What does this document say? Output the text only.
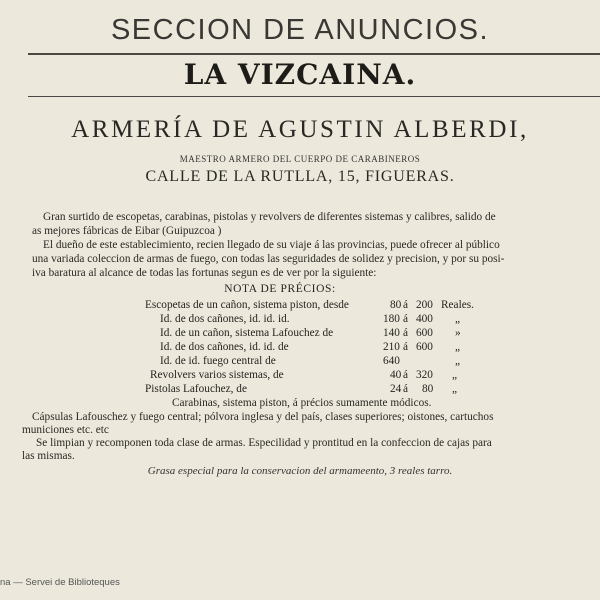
SECCION DE ANUNCIOS.
LA VIZCAINA.
ARMERÍA DE AGUSTIN ALBERDI,
MAESTRO ARMERO DEL CUERPO DE CARABINEROS
CALLE DE LA RUTLLA, 15, FIGUERAS.
Gran surtido de escopetas, carabinas, pistolas y revolvers de diferentes sistemas y calibres, salido de
as mejores fábricas de Eibar (Guipuzcoa )
El dueño de este establecimiento, recien llegado de su viaje á las provincias, puede ofrecer al público
una variada coleccion de armas de fuego, con todas las seguridades de solidez y precision, y por su posi-
iva baratura al alcance de todas las fortunas segun es de ver por la siguiente:
NOTA DE PRÉCIOS:
Escopetas de un cañon, sistema piston, desde	80 á 200 Reales.
Id. de dos cañones, id. id. id.	180 á 400 „
Id. de un cañon, sistema Lafouchez de	140 á 600 »
Id. de dos cañones, id. id. de	210 á 600 „
Id. de id. fuego central de	640	„
Revolvers varios sistemas, de	40 á 320 „
Pistolas Lafouchez, de	24 á 80 „
Carabinas, sistema piston, á précios sumamente módicos.
Cápsulas Lafouschez y fuego central; pólvora inglesa y del país, clases superiores; oistones, cartuchos
municiones etc. etc
Se limpian y recomponen toda clase de armas. Especilidad y prontitud en la confeccion de cajas para
las mismas.
Grasa especial para la conservacion del armameento, 3 reales tarro.
na — Servei de Biblioteques
